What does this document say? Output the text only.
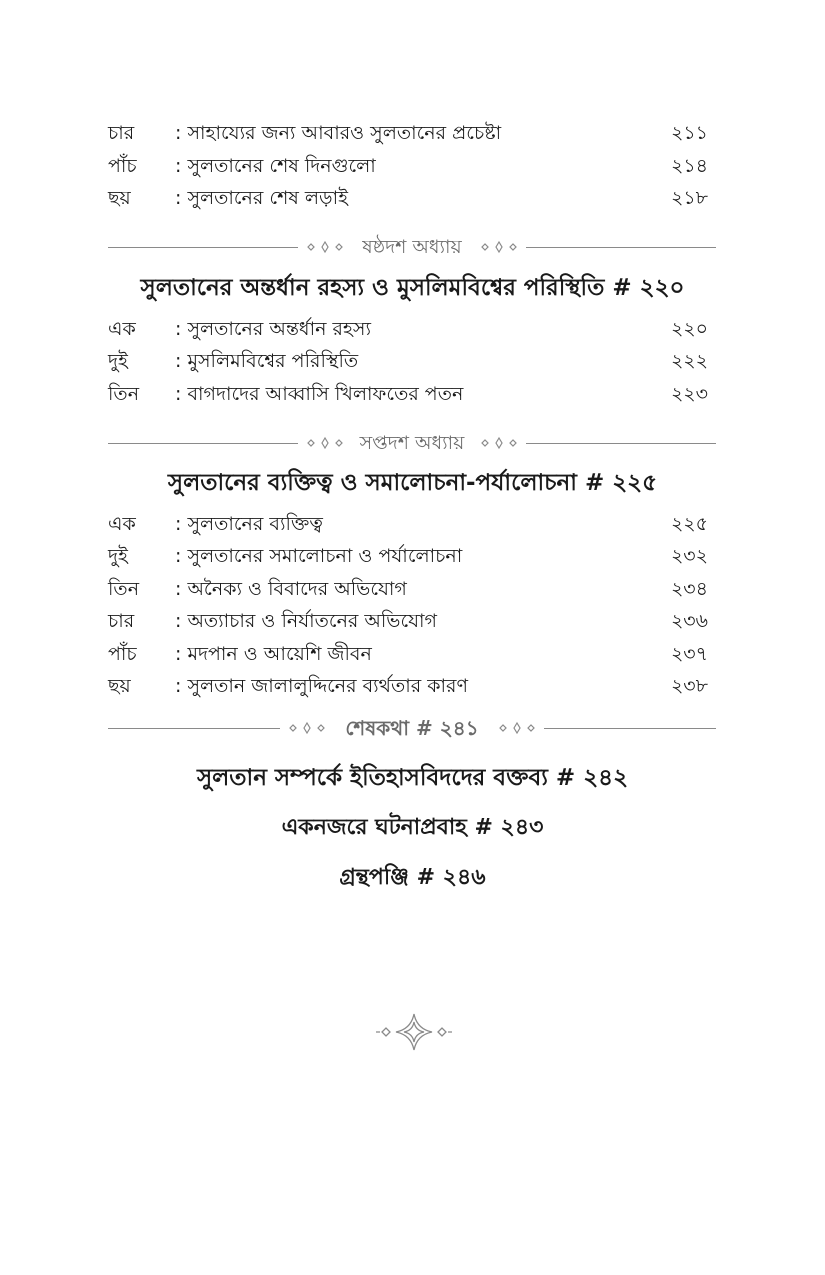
চার : সাহায্যের জন্য আবারও সুলতানের প্রচেষ্টা	২১১
পাঁচ : সুলতানের শেষ দিনগুলো	২১৪
ছয় : সুলতানের শেষ লড়াই	২১৮
ষষ্ঠদশ অধ্যায়
সুলতানের অন্তর্ধান রহস্য ও মুসলিমবিশ্বের পরিস্থিতি # ২২০
এক : সুলতানের অন্তর্ধান রহস্য	২২০
দুই : মুসলিমবিশ্বের পরিস্থিতি	২২২
তিন : বাগদাদের আব্বাসি খিলাফতের পতন	২২৩
সপ্তদশ অধ্যায়
সুলতানের ব্যক্তিত্ব ও সমালোচনা-পর্যালোচনা # ২২৫
এক : সুলতানের ব্যক্তিত্ব	২২৫
দুই : সুলতানের সমালোচনা ও পর্যালোচনা	২৩২
তিন : অনৈক্য ও বিবাদের অভিযোগ	২৩৪
চার : অত্যাচার ও নির্যাতনের অভিযোগ	২৩৬
পাঁচ : মদপান ও আয়েশি জীবন	২৩৭
ছয় : সুলতান জালালুদ্দিনের ব্যর্থতার কারণ	২৩৮
শেষকথা # ২৪১
সুলতান সম্পর্কে ইতিহাসবিদদের বক্তব্য # ২৪২
একনজরে ঘটনাপ্রবাহ # ২৪৩
গ্রন্থপঞ্জি # ২৪৬
